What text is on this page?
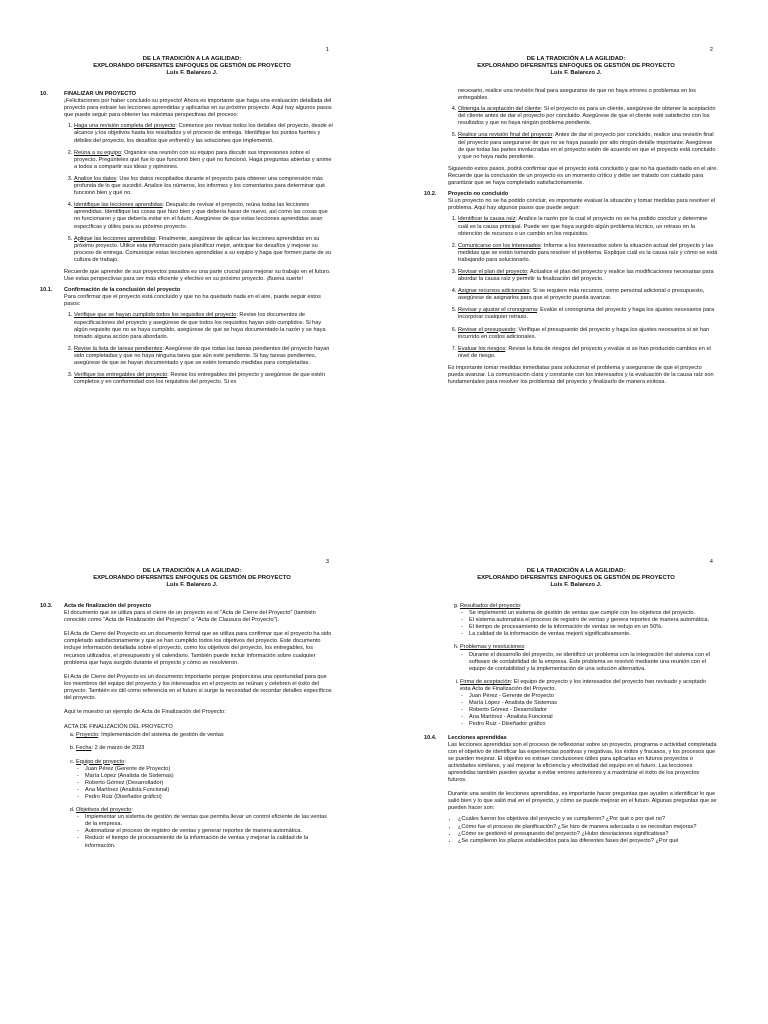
1
DE LA TRADICIÓN A LA AGILIDAD:
EXPLORANDO DIFERENTES ENFOQUES DE GESTIÓN DE PROYECTO
Luis F. Balarezo J.
10.	FINALIZAR UN PROYECTO

¡Felicitaciones por haber concluido su proyecto! Ahora es importante que haga una evaluación detallada del proyecto para extraer las lecciones aprendidas y aplicarlas en su próximo proyecto. Aquí hay algunos pasos que puede seguir para obtener las máximas perspectivas del proceso:

1. Haga una revisión completa del proyecto: Comience por revisar todos los detalles del proyecto, desde el alcance y los objetivos hasta los resultados y el proceso de entrega. Identifique los puntos fuertes y débiles del proyecto, los desafíos que enfrentó y las soluciones que implementó.
2. Reúna a su equipo: Organice una reunión con su equipo para discutir sus impresiones sobre el proyecto. Pregúnteles qué fue lo que funcionó bien y qué no funcionó. Haga preguntas abiertas y anime a todos a compartir sus ideas y opiniones.
3. Analice los datos: Use los datos recopilados durante el proyecto para obtener una comprensión más profunda de lo que sucedió. Analice los números, los informes y los comentarios para determinar qué funcionó bien y qué no.
4. Identifique las lecciones aprendidas: Después de revisar el proyecto, reúna todas las lecciones aprendidas. Identifique las cosas que hizo bien y que debería hacer de nuevo, así como las cosas que no funcionaron y que debería evitar en el futuro. Asegúrese de que estas lecciones aprendidas sean específicas y útiles para su próximo proyecto.
5. Aplique las lecciones aprendidas: Finalmente, asegúrese de aplicar las lecciones aprendidas en su próximo proyecto. Utilice esta información para planificar mejor, anticipar los desafíos y mejorar su proceso de entrega. Comunique estas lecciones aprendidas a su equipo y haga que formen parte de su cultura de trabajo.

Recuerde que aprender de sus proyectos pasados es una parte crucial para mejorar su trabajo en el futuro. Use estas perspectivas para ser más eficiente y efectivo en su próximo proyecto. ¡Buena suerte!

10.1. Confirmación de la conclusión del proyecto

Para confirmar que el proyecto está concluido y que no ha quedado nada en el aire, puede seguir estos pasos:

1. Verifique que se hayan cumplido todos los requisitos del proyecto: Revise los documentos de especificaciones del proyecto y asegúrese de que todos los requisitos hayan sido cumplidos. Si hay algún requisito que no se haya cumplido, asegúrese de que se haya documentado la razón y se haya tomado alguna acción para abordarlo.
2. Revise la lista de tareas pendientes: Asegúrese de que todas las tareas pendientes del proyecto hayan sido completadas y que no haya ninguna tarea que aún esté pendiente. Si hay tareas pendientes, asegúrese de que se hayan documentado y que se estén tomando medidas para completarlas.
3. Verifique los entregables del proyecto: Revise los entregables del proyecto y asegúrese de que estén completos y en conformidad con los requisitos del proyecto. Si es
2
DE LA TRADICIÓN A LA AGILIDAD:
EXPLORANDO DIFERENTES ENFOQUES DE GESTIÓN DE PROYECTO
Luis F. Balarezo J.

necesario, realice una revisión final para asegurarse de que no haya errores o problemas en los entregables.

4. Obtenga la aceptación del cliente: Si el proyecto es para un cliente, asegúrese de obtener la aceptación del cliente antes de dar el proyecto por concluido. Asegúrese de que el cliente esté satisfecho con los resultados y que no haya ningún problema pendiente.
5. Realice una revisión final del proyecto: Antes de dar el proyecto por concluido, realice una revisión final del proyecto para asegurarse de que no se haya pasado por alto ningún detalle importante. Asegúrese de que todas las partes involucradas en el proyecto estén de acuerdo en que el proyecto está concluido y que no haya nada pendiente.

Siguiendo estos pasos, podrá confirmar que el proyecto está concluido y que no ha quedado nada en el aire. Recuerde que la conclusión de un proyecto es un momento crítico y debe ser tratado con cuidado para garantizar que se haya completado satisfactoriamente.

10.2. Proyecto no concluido

Si un proyecto no se ha podido concluir, es importante evaluar la situación y tomar medidas para resolver el problema. Aquí hay algunos pasos que puede seguir:

1. Identificar la causa raíz: Analice la razón por la cual el proyecto no se ha podido concluir y determine cuál es la causa principal. Puede ser que haya surgido algún problema técnico, un retraso en la obtención de recursos o un cambio en los requisitos.
2. Comunicarse con los interesados: Informe a los interesados sobre la situación actual del proyecto y las medidas que se están tomando para resolver el problema. Explique cuál es la causa raíz y cómo se está trabajando para solucionarlo.
3. Revisar el plan del proyecto: Actualice el plan del proyecto y realice las modificaciones necesarias para abordar la causa raíz y permitir la finalización del proyecto.
4. Asignar recursos adicionales: Si se requiere más recursos, como personal adicional o presupuesto, asegúrese de asignarlos para que el proyecto pueda avanzar.
5. Revisar y ajustar el cronograma: Evalúe el cronograma del proyecto y haga los ajustes necesarios para incorporar cualquier retraso.
6. Revisar el presupuesto: Verifique el presupuesto del proyecto y haga los ajustes necesarios si se han incurrido en costos adicionales.
7. Evaluar los riesgos: Revise la lista de riesgos del proyecto y evalúe si se han producido cambios en el nivel de riesgo.

Es importante tomar medidas inmediatas para solucionar el problema y asegurarse de que el proyecto pueda avanzar. La comunicación clara y constante con los interesados y la evaluación de la causa raíz son fundamentales para resolver los problemas del proyecto y finalizarlo de manera exitosa.

3
DE LA TRADICIÓN A LA AGILIDAD:
EXPLORANDO DIFERENTES ENFOQUES DE GESTIÓN DE PROYECTO
Luis F. Balarezo J.
10.3. Acta de finalización del proyecto

El documento que se utiliza para el cierre de un proyecto es el "Acta de Cierre del Proyecto" (también conocido como "Acta de Finalización del Proyecto" o "Acta de Clausura del Proyecto").

El Acta de Cierre del Proyecto es un documento formal que se utiliza para confirmar que el proyecto ha sido completado satisfactoriamente y que se han cumplido todos los objetivos del proyecto. Este documento incluye información detallada sobre el proyecto, como los objetivos del proyecto, los entregables, los recursos utilizados, el presupuesto y el calendario. También puede incluir información sobre cualquier problema que haya surgido durante el proyecto y cómo se resolvieron.

El Acta de Cierre del Proyecto es un documento importante porque proporciona una oportunidad para que los miembros del equipo del proyecto y los interesados en el proyecto se reúnan y celebren el éxito del proyecto. También es útil como referencia en el futuro si surge la necesidad de recordar detalles específicos del proyecto.

Aquí te muestro un ejemplo de Acta de Finalización del Proyecto:

ACTA DE FINALIZACIÓN DEL PROYECTO

a. Proyecto: Implementación del sistema de gestión de ventas
b. Fecha: 2 de marzo de 2023
c. Equipo de proyecto:
- Juan Pérez (Gerente de Proyecto)
- María López (Analista de Sistemas)
- Roberto Gómez (Desarrollador)
- Ana Martínez (Analista Funcional)
- Pedro Ruiz (Diseñador gráfico)
d. Objetivos del proyecto:
- Implementar un sistema de gestión de ventas que permita llevar un control eficiente de las ventas de la empresa.
- Automatizar el proceso de registro de ventas y generar reportes de manera automática.
- Reducir el tiempo de procesamiento de la información de ventas y mejorar la calidad de la información.
4
DE LA TRADICIÓN A LA AGILIDAD:
EXPLORANDO DIFERENTES ENFOQUES DE GESTIÓN DE PROYECTO
Luis F. Balarezo J.
g. Resultados del proyecto:
- Se implementó un sistema de gestión de ventas que cumple con los objetivos del proyecto.
- El sistema automatiza el proceso de registro de ventas y genera reportes de manera automática.
- El tiempo de procesamiento de la información de ventas se redujo en un 50%.
- La calidad de la información de ventas mejoró significativamente.
h. Problemas y resoluciones:
- Durante el desarrollo del proyecto, se identificó un problema con la integración del sistema con el software de contabilidad de la empresa. Este problema se resolvió mediante una reunión con el equipo de contabilidad y la implementación de una solución alternativa.
i. Firma de aceptación: El equipo de proyecto y los interesados del proyecto han revisado y aceptado esta Acta de Finalización del Proyecto.
- Juan Pérez - Gerente de Proyecto
- María López - Analista de Sistemas
- Roberto Gómez - Desarrollador
- Ana Martínez - Analista Funcional
- Pedro Ruiz - Diseñador gráfico
10.4. Lecciones aprendidas

Las lecciones aprendidas son el proceso de reflexionar sobre un proyecto, programa o actividad completada con el objetivo de identificar las experiencias positivas y negativas, los éxitos y fracasos, y los procesos que se pueden mejorar. El objetivo es extraer conclusiones útiles para aplicarlas en futuros proyectos o actividades similares, y así mejorar la eficiencia y efectividad del equipo en el futuro. Las lecciones aprendidas también pueden ayudar a evitar errores anteriores y a maximizar el éxito de los proyectos futuros.

Durante una sesión de lecciones aprendidas, es importante hacer preguntas que ayuden a identificar lo que salió bien y lo que salió mal en el proyecto, y cómo se puede mejorar en el futuro. Algunas preguntas que se pueden hacer son:

• ¿Cuáles fueron los objetivos del proyecto y se cumplieron? ¿Por qué o por qué no?
• ¿Cómo fue el proceso de planificación? ¿Se hizo de manera adecuada o se necesitan mejoras?
• ¿Cómo se gestionó el presupuesto del proyecto? ¿Hubo desviaciones significativas?
• ¿Se cumplieron los plazos establecidos para las diferentes fases del proyecto? ¿Por qué
